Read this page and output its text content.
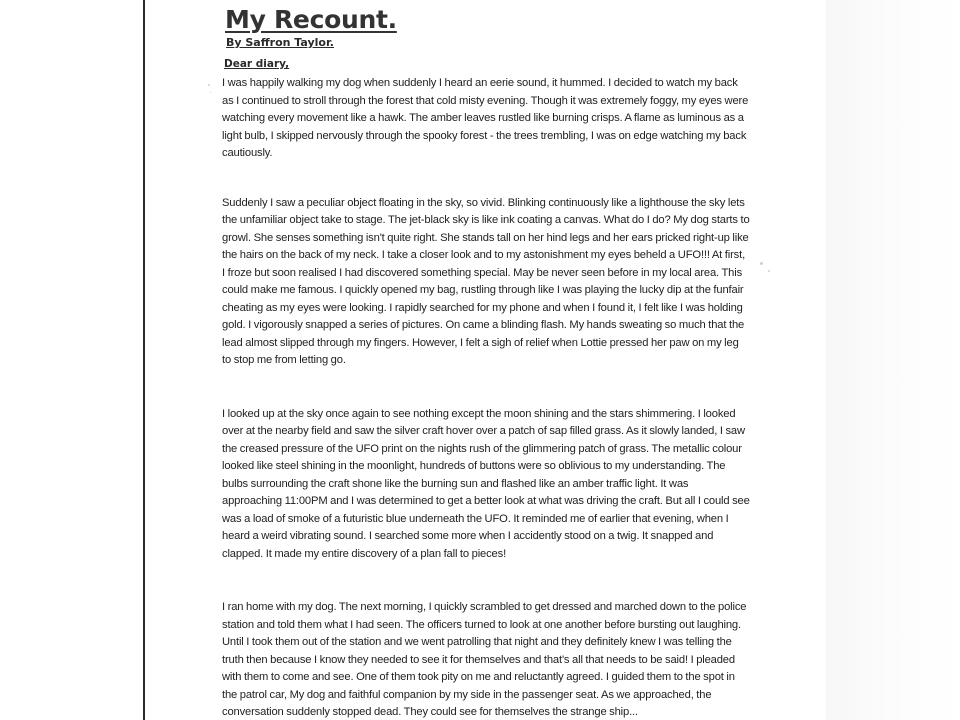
My Recount.
By Saffron Taylor.
Dear diary,

I was happily walking my dog when suddenly I heard an eerie sound, it hummed. I decided to watch my back as I continued to stroll through the forest that cold misty evening. Though it was extremely foggy, my eyes were watching every movement like a hawk. The amber leaves rustled like burning crisps. A flame as luminous as a light bulb, I skipped nervously through the spooky forest - the trees trembling, I was on edge watching my back cautiously.

Suddenly I saw a peculiar object floating in the sky, so vivid. Blinking continuously like a lighthouse the sky lets the unfamiliar object take to stage. The jet-black sky is like ink coating a canvas. What do I do? My dog starts to growl. She senses something isn't quite right. She stands tall on her hind legs and her ears pricked right-up like the hairs on the back of my neck. I take a closer look and to my astonishment my eyes beheld a UFO!!! At first, I froze but soon realised I had discovered something special. May be never seen before in my local area. This could make me famous. I quickly opened my bag, rustling through like I was playing the lucky dip at the funfair cheating as my eyes were looking. I rapidly searched for my phone and when I found it, I felt like I was holding gold. I vigorously snapped a series of pictures. On came a blinding flash. My hands sweating so much that the lead almost slipped through my fingers. However, I felt a sigh of relief when Lottie pressed her paw on my leg to stop me from letting go.

I looked up at the sky once again to see nothing except the moon shining and the stars shimmering. I looked over at the nearby field and saw the silver craft hover over a patch of sap filled grass. As it slowly landed, I saw the creased pressure of the UFO print on the nights rush of the glimmering patch of grass. The metallic colour looked like steel shining in the moonlight, hundreds of buttons were so oblivious to my understanding. The bulbs surrounding the craft shone like the burning sun and flashed like an amber traffic light. It was approaching 11:00PM and I was determined to get a better look at what was driving the craft. But all I could see was a load of smoke of a futuristic blue underneath the UFO. It reminded me of earlier that evening, when I heard a weird vibrating sound. I searched some more when I accidently stood on a twig. It snapped and clapped. It made my entire discovery of a plan fall to pieces!

I ran home with my dog. The next morning, I quickly scrambled to get dressed and marched down to the police station and told them what I had seen. The officers turned to look at one another before bursting out laughing. Until I took them out of the station and we went patrolling that night and they definitely knew I was telling the truth then because I know they needed to see it for themselves and that's all that needs to be said! I pleaded with them to come and see. One of them took pity on me and reluctantly agreed. I guided them to the spot in the patrol car, My dog and faithful companion by my side in the passenger seat. As we approached, the conversation suddenly stopped dead. They could see for themselves the strange ship...
